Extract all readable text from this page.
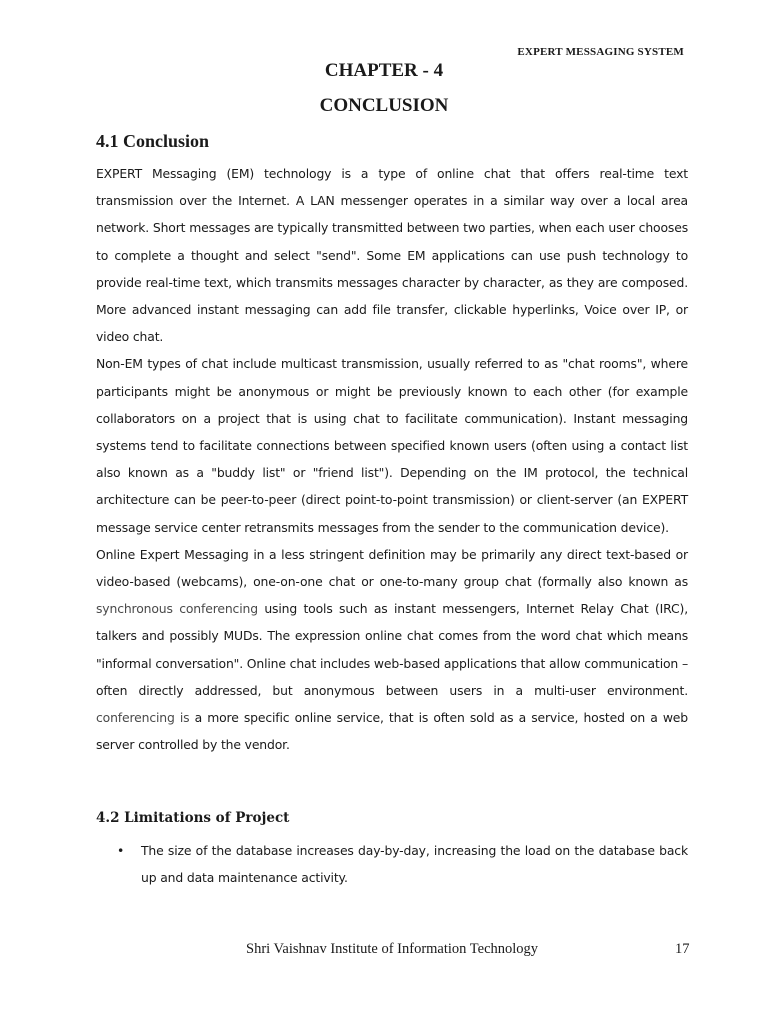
EXPERT MESSAGING SYSTEM
CHAPTER - 4
CONCLUSION
4.1 Conclusion

EXPERT Messaging (EM) technology is a type of online chat that offers real-time text transmission over the Internet. A LAN messenger operates in a similar way over a local area network. Short messages are typically transmitted between two parties, when each user chooses to complete a thought and select "send". Some EM applications can use push technology to provide real-time text, which transmits messages character by character, as they are composed. More advanced instant messaging can add file transfer, clickable hyperlinks, Voice over IP, or video chat.

Non-EM types of chat include multicast transmission, usually referred to as "chat rooms", where participants might be anonymous or might be previously known to each other (for example collaborators on a project that is using chat to facilitate communication). Instant messaging systems tend to facilitate connections between specified known users (often using a contact list also known as a "buddy list" or "friend list"). Depending on the IM protocol, the technical architecture can be peer-to-peer (direct point-to-point transmission) or client-server (an EXPERT message service center retransmits messages from the sender to the communication device).

Online Expert Messaging in a less stringent definition may be primarily any direct text-based or video-based (webcams), one-on-one chat or one-to-many group chat (formally also known as synchronous conferencing using tools such as instant messengers, Internet Relay Chat (IRC), talkers and possibly MUDs. The expression online chat comes from the word chat which means "informal conversation". Online chat includes web-based applications that allow communication – often directly addressed, but anonymous between users in a multi-user environment. conferencing is a more specific online service, that is often sold as a service, hosted on a web server controlled by the vendor.

4.2 Limitations of Project
• The size of the database increases day-by-day, increasing the load on the database back up and data maintenance activity.
Shri Vaishnav Institute of Information Technology	17
